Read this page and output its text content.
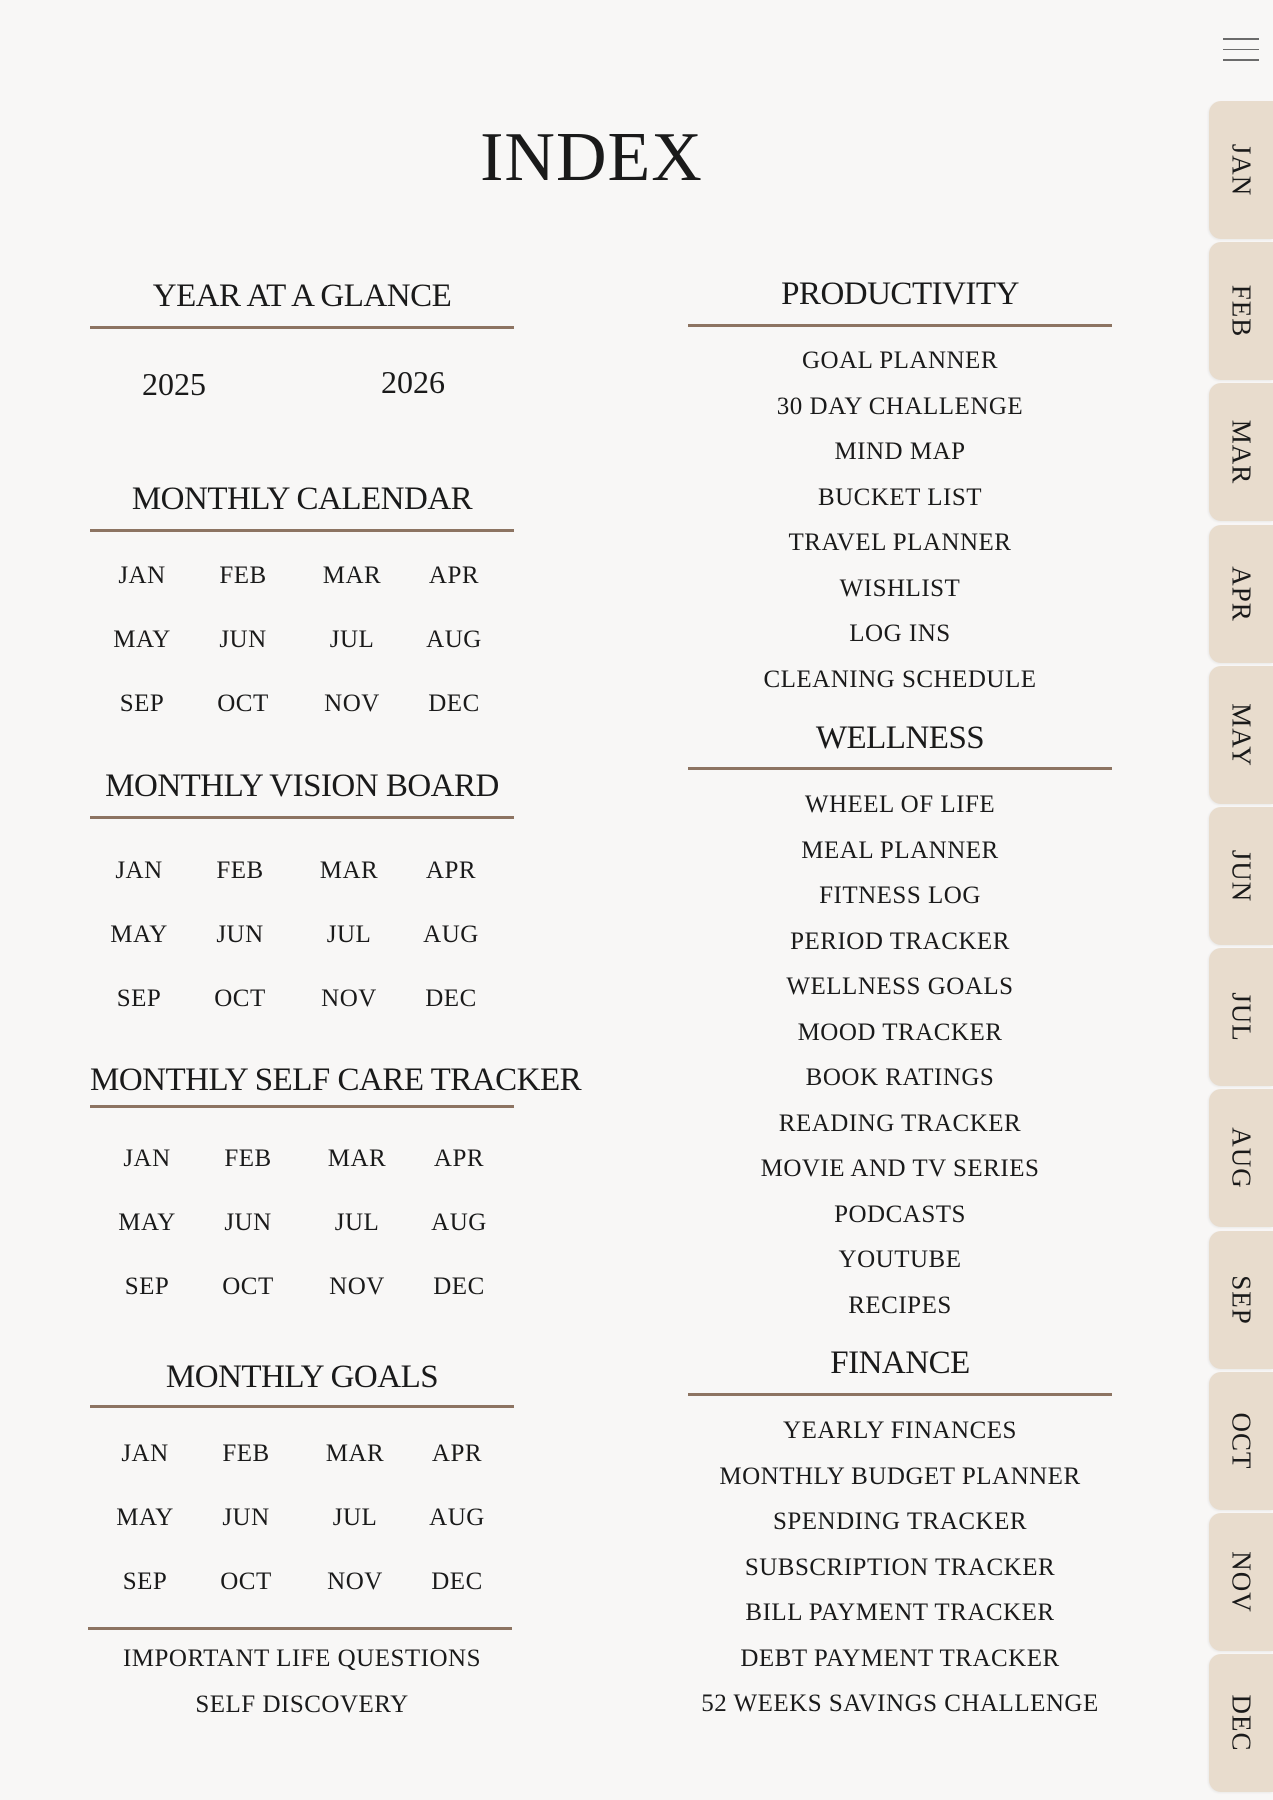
INDEX
YEAR AT A GLANCE
2025	2026
MONTHLY CALENDAR
JAN	FEB	MAR	APR
MAY	JUN	JUL	AUG
SEP	OCT	NOV	DEC
MONTHLY VISION BOARD
JAN	FEB	MAR	APR
MAY	JUN	JUL	AUG
SEP	OCT	NOV	DEC
MONTHLY SELF CARE TRACKER
JAN	FEB	MAR	APR
MAY	JUN	JUL	AUG
SEP	OCT	NOV	DEC
MONTHLY GOALS
JAN	FEB	MAR	APR
MAY	JUN	JUL	AUG
SEP	OCT	NOV	DEC
IMPORTANT LIFE QUESTIONS
SELF DISCOVERY
PRODUCTIVITY
GOAL PLANNER
30 DAY CHALLENGE
MIND MAP
BUCKET LIST
TRAVEL PLANNER
WISHLIST
LOG INS
CLEANING SCHEDULE
WELLNESS
WHEEL OF LIFE
MEAL PLANNER
FITNESS LOG
PERIOD TRACKER
WELLNESS GOALS
MOOD TRACKER
BOOK RATINGS
READING TRACKER
MOVIE AND TV SERIES
PODCASTS
YOUTUBE
RECIPES
FINANCE
YEARLY FINANCES
MONTHLY BUDGET PLANNER
SPENDING TRACKER
SUBSCRIPTION TRACKER
BILL PAYMENT TRACKER
DEBT PAYMENT TRACKER
52 WEEKS SAVINGS CHALLENGE
JAN
FEB
MAR
APR
MAY
JUN
JUL
AUG
SEP
OCT
NOV
DEC
